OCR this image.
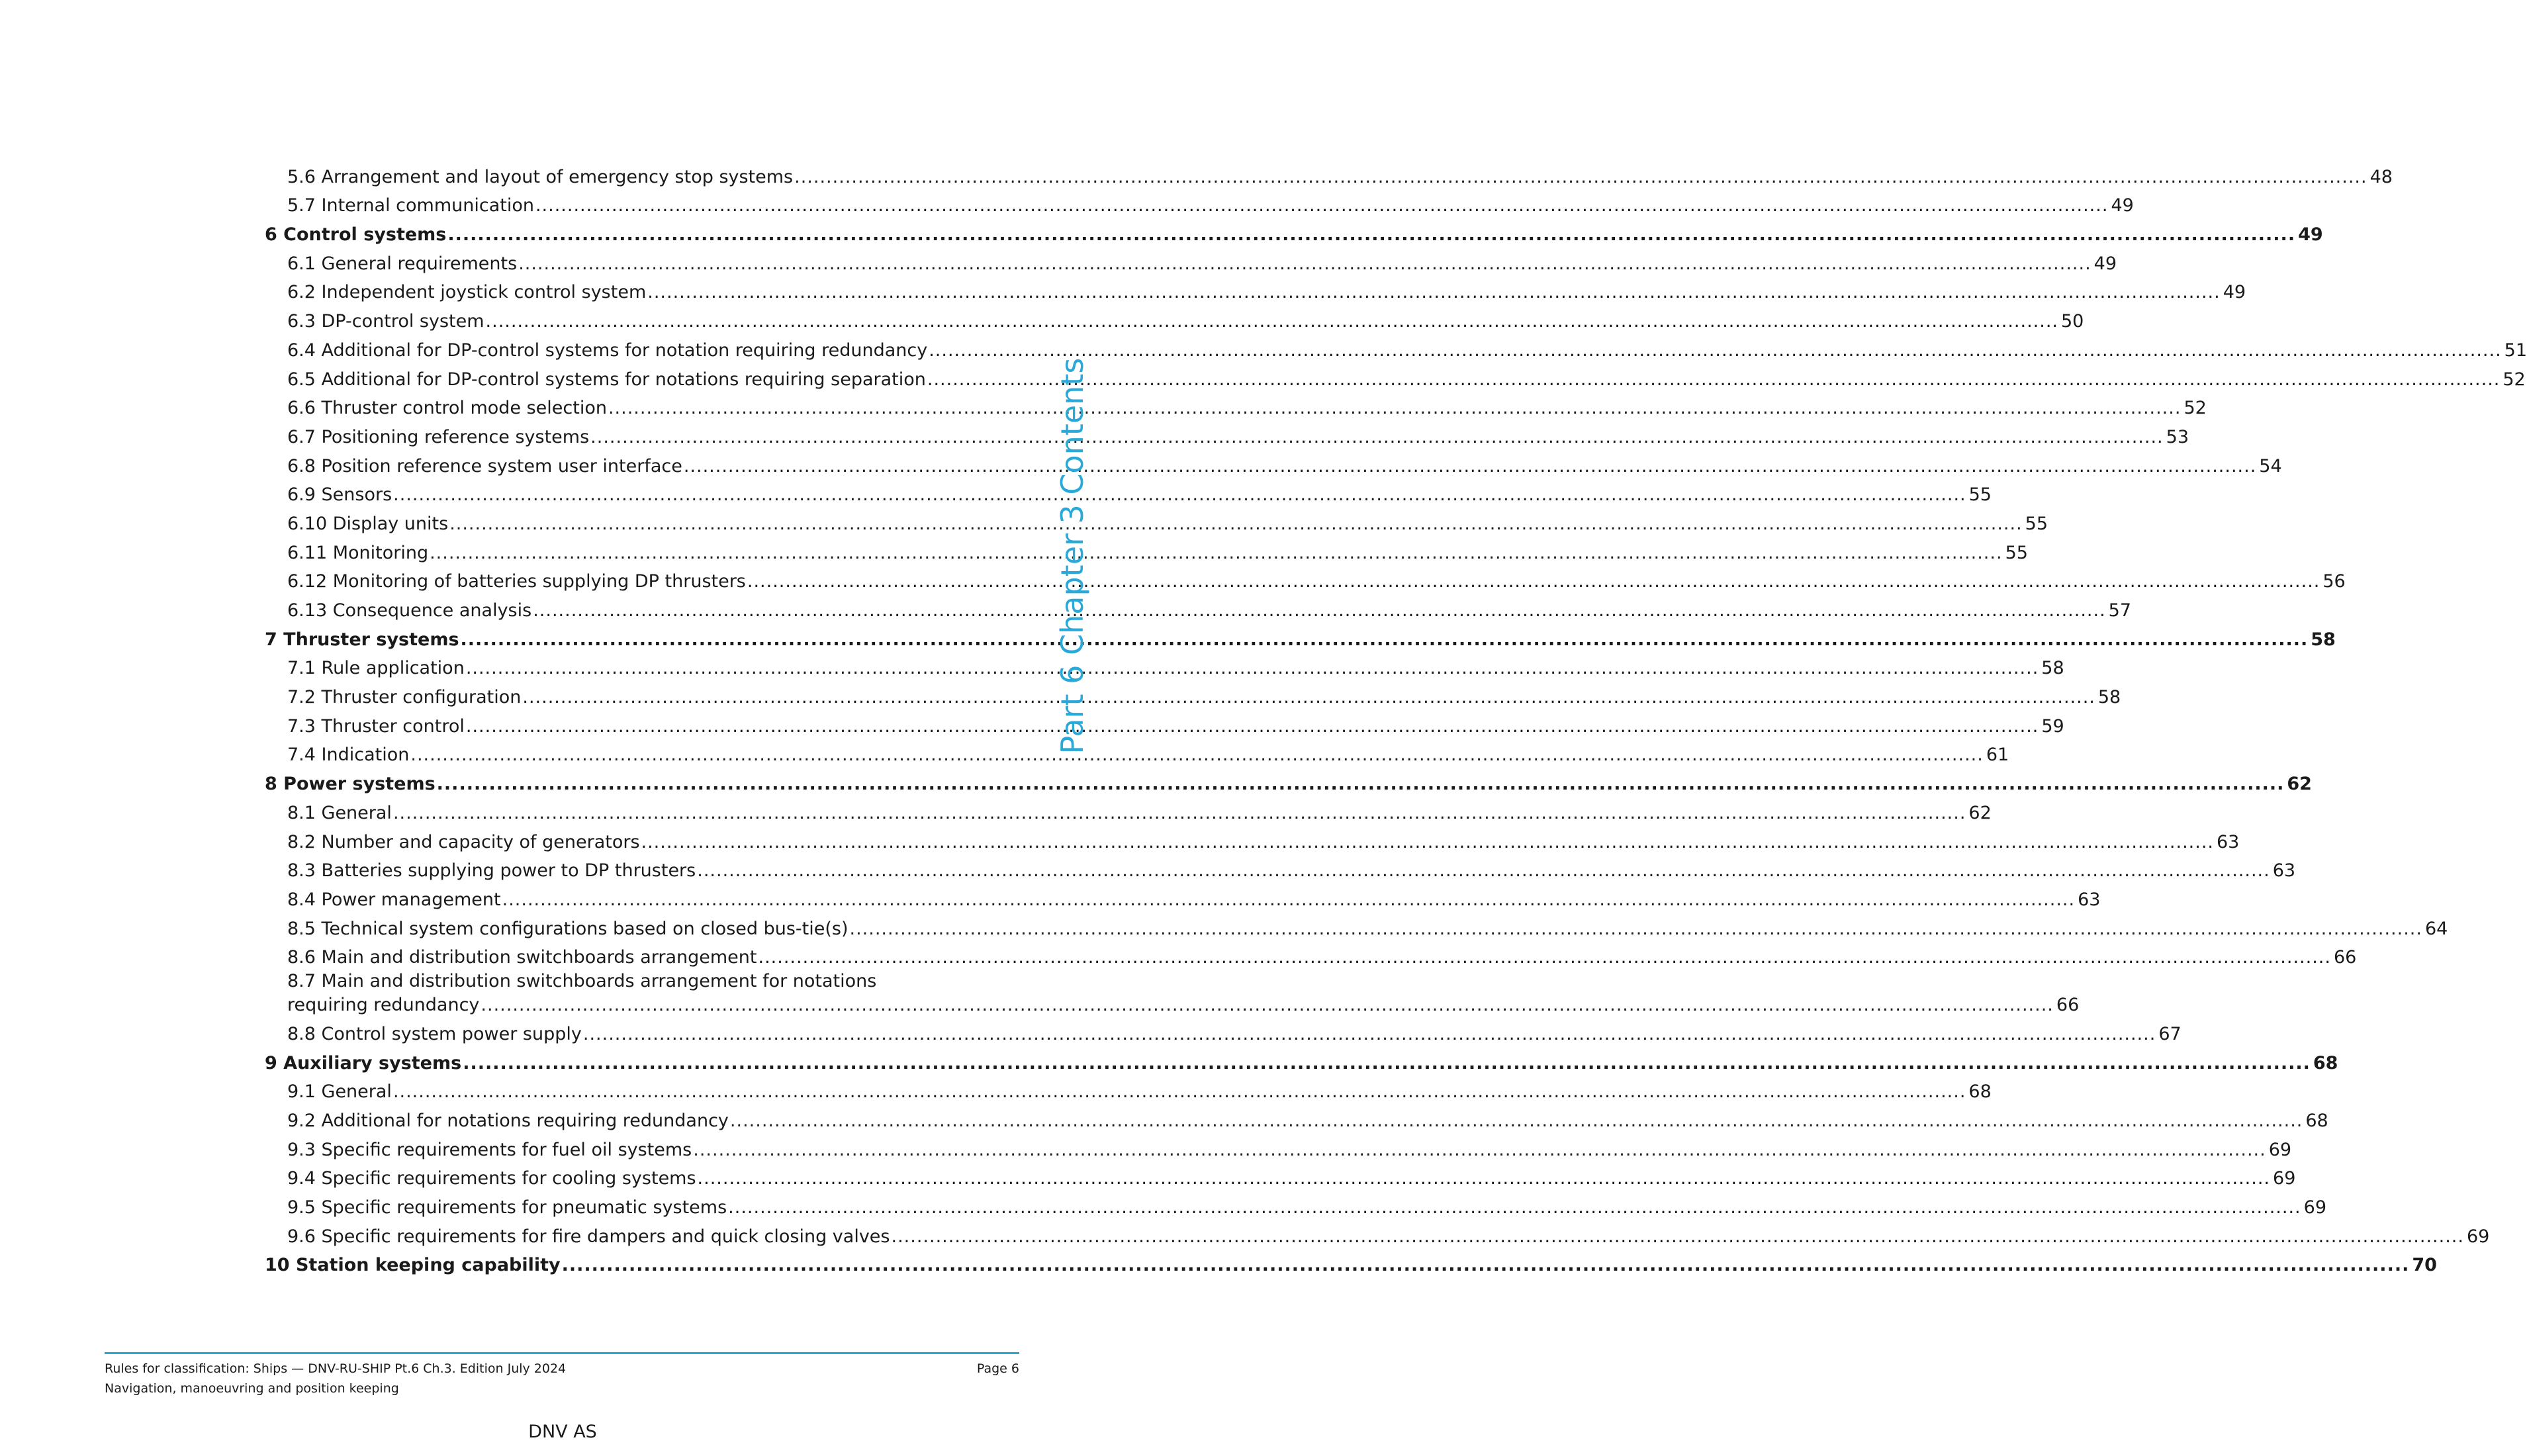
5.6 Arrangement and layout of emergency stop systems .....	48
5.7 Internal communication .....	49
6 Control systems .....	49
6.1 General requirements .....	49
6.2 Independent joystick control system .....	49
6.3 DP-control system .....	50
6.4 Additional for DP-control systems for notation requiring redundancy .....	51
6.5 Additional for DP-control systems for notations requiring separation .....	52
6.6 Thruster control mode selection .....	52
6.7 Positioning reference systems .....	53
6.8 Position reference system user interface .....	54
6.9 Sensors .....	55
6.10 Display units .....	55
6.11 Monitoring .....	55
6.12 Monitoring of batteries supplying DP thrusters .....	56
6.13 Consequence analysis .....	57
7 Thruster systems .....	58
7.1 Rule application .....	58
7.2 Thruster configuration .....	58
7.3 Thruster control .....	59
7.4 Indication .....	61
8 Power systems .....	62
8.1 General .....	62
8.2 Number and capacity of generators .....	63
8.3 Batteries supplying power to DP thrusters .....	63
8.4 Power management .....	63
8.5 Technical system configurations based on closed bus-tie(s) .....	64
8.6 Main and distribution switchboards arrangement .....	66
8.7 Main and distribution switchboards arrangement for notations
requiring redundancy .....	66
8.8 Control system power supply .....	67
9 Auxiliary systems .....	68
9.1 General .....	68
9.2 Additional for notations requiring redundancy .....	68
9.3 Specific requirements for fuel oil systems .....	69
9.4 Specific requirements for cooling systems .....	69
9.5 Specific requirements for pneumatic systems .....	69
9.6 Specific requirements for fire dampers and quick closing valves .....	69
10 Station keeping capability .....	70
Part 6 Chapter 3 Contents
Rules for classification: Ships — DNV-RU-SHIP Pt.6 Ch.3. Edition July 2024
Navigation, manoeuvring and position keeping
Page 6
DNV AS
